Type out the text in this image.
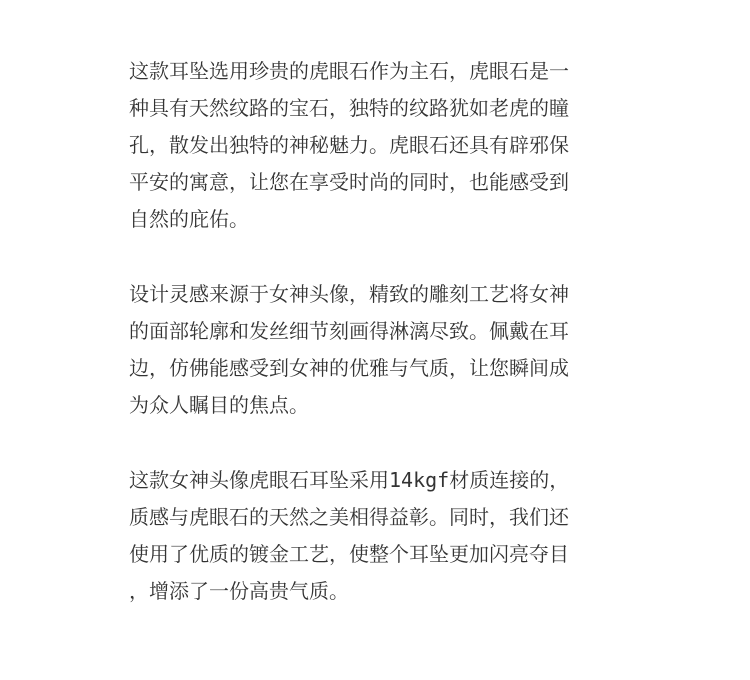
这款耳坠选用珍贵的虎眼石作为主石，虎眼石是一
种具有天然纹路的宝石，独特的纹路犹如老虎的瞳
孔，散发出独特的神秘魅力。虎眼石还具有辟邪保
平安的寓意，让您在享受时尚的同时，也能感受到
自然的庇佑。
设计灵感来源于女神头像，精致的雕刻工艺将女神
的面部轮廓和发丝细节刻画得淋漓尽致。佩戴在耳
边，仿佛能感受到女神的优雅与气质，让您瞬间成
为众人瞩目的焦点。
这款女神头像虎眼石耳坠采用14kgf材质连接的，
质感与虎眼石的天然之美相得益彰。同时，我们还
使用了优质的镀金工艺，使整个耳坠更加闪亮夺目
，增添了一份高贵气质。
